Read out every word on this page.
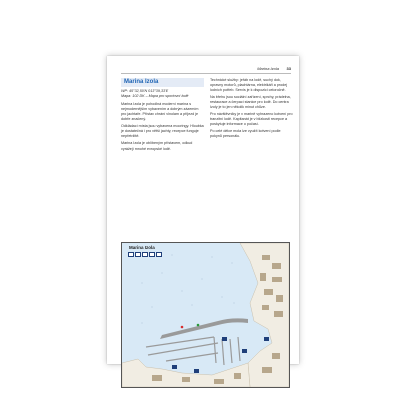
Marina Izola 33
Marina Izola

WP: 45°32,50'N 013°39,33'E

Mapa: 102 DK – Mapa pro sportovní lodě

Marina Izola je pohodlná moderní marína s nejmodernějším vybavením a dobrým zázemím pro jachtaře. Přístav chrání vlnolam a příjezd je dobře značený.

Odkládací místa jsou vybavena mooringy. Hloubka je dostatečná i pro větší jachty, recepce funguje nepřetržitě.

Marina Izola je oblíbeným přístavem, odkud vyrážejí mnohé evropské lodě.

Technické služby: jeřáb na lodě, suchý dok, opravny motorů, plachtárna, elektrikáři a prodej lodních potřeb. Servis je k dispozici celoročně.

Na břehu jsou sociální zařízení, sprchy, prádelna, restaurace a čerpací stanice pro lodě. Do centra Izoly je to jen několik minut chůze.

Pro návštěvníky je v marině vyhrazeno kotvení pro tranzitní lodě. Kapitanát je v blízkosti recepce a poskytuje informace o počasí.

Po celé délce mola lze využít kotvení podle pokynů personálu.

Marina Izola
